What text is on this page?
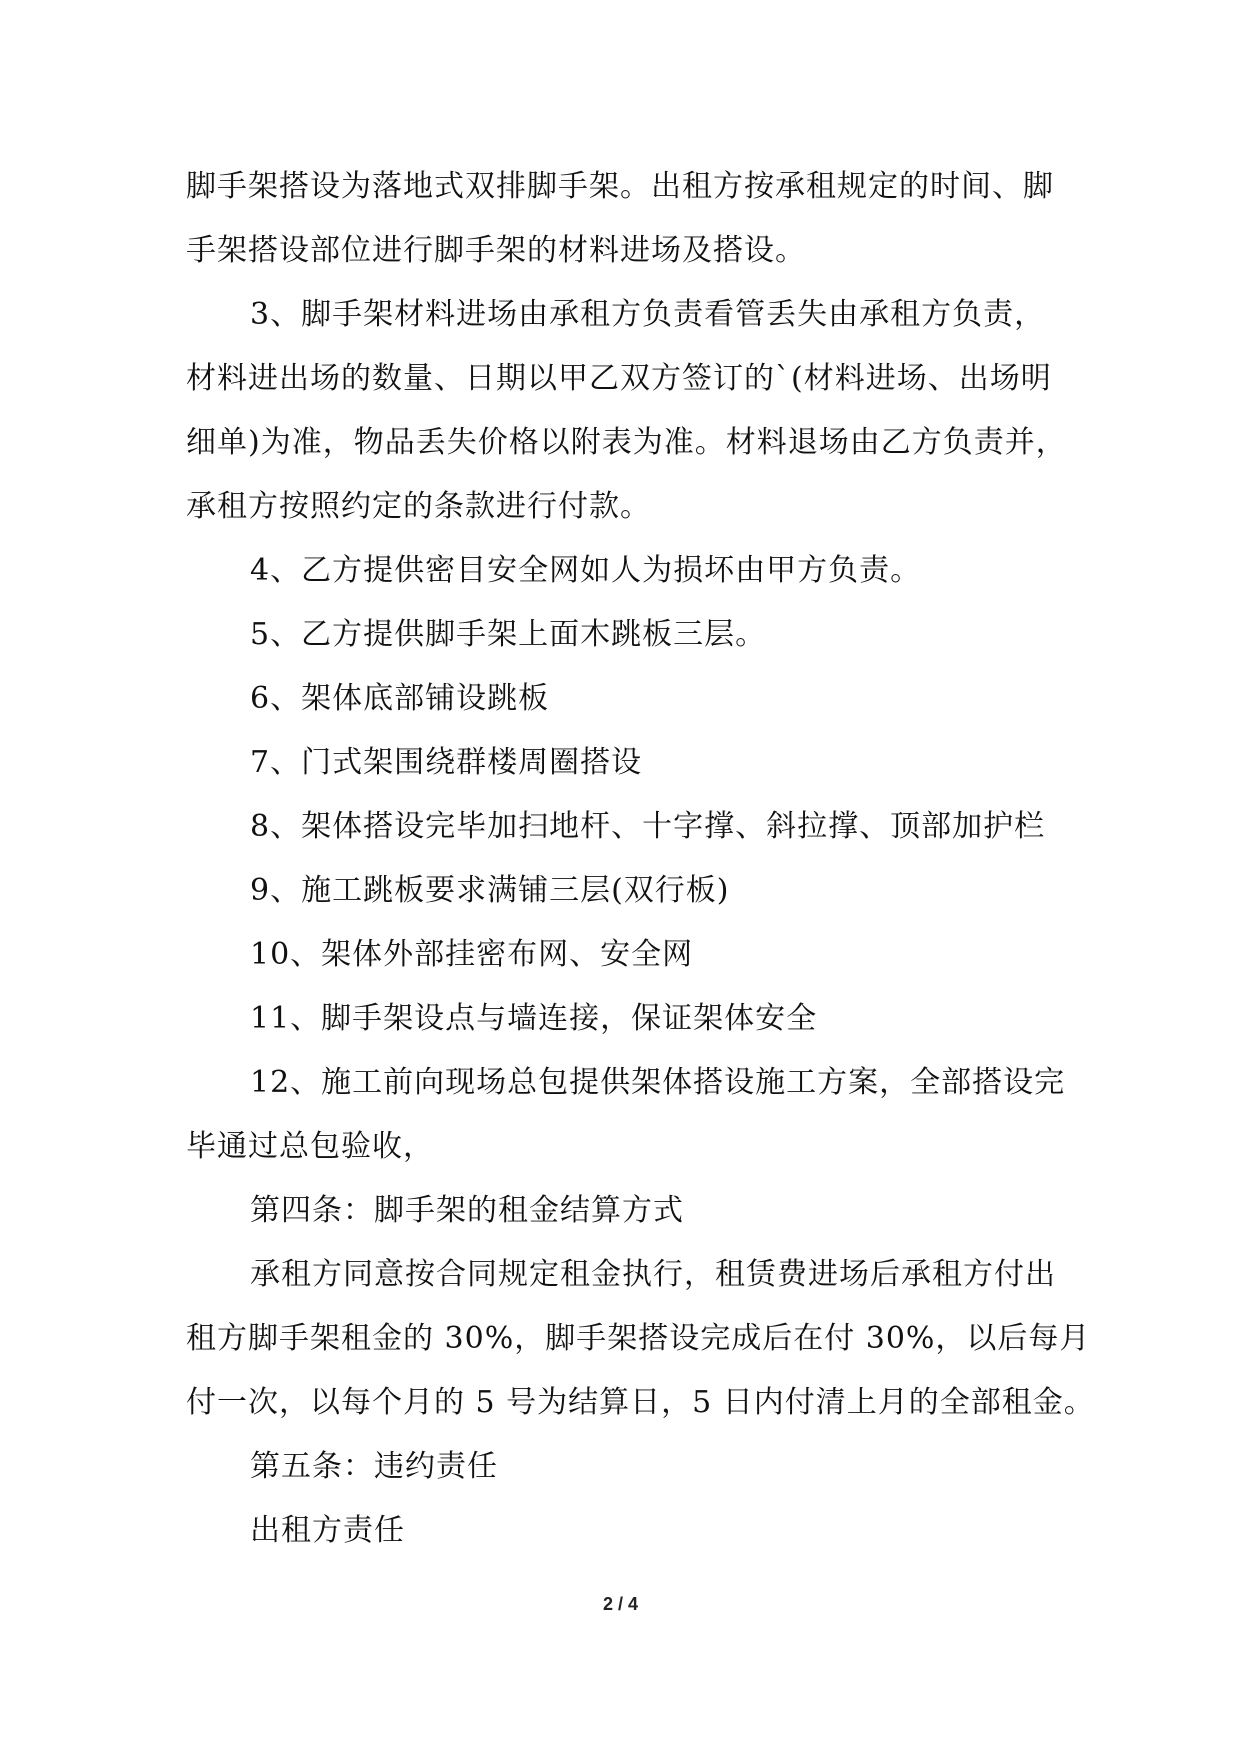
脚手架搭设为落地式双排脚手架。出租方按承租规定的时间、脚
手架搭设部位进行脚手架的材料进场及搭设。
3、脚手架材料进场由承租方负责看管丢失由承租方负责，
材料进出场的数量、日期以甲乙双方签订的`(材料进场、出场明
细单)为准，物品丢失价格以附表为准。材料退场由乙方负责并，
承租方按照约定的条款进行付款。
4、乙方提供密目安全网如人为损坏由甲方负责。
5、乙方提供脚手架上面木跳板三层。
6、架体底部铺设跳板
7、门式架围绕群楼周圈搭设
8、架体搭设完毕加扫地杆、十字撑、斜拉撑、顶部加护栏
9、施工跳板要求满铺三层(双行板)
10、架体外部挂密布网、安全网
11、脚手架设点与墙连接，保证架体安全
12、施工前向现场总包提供架体搭设施工方案，全部搭设完
毕通过总包验收，
第四条：脚手架的租金结算方式
承租方同意按合同规定租金执行，租赁费进场后承租方付出
租方脚手架租金的 30%，脚手架搭设完成后在付 30%，以后每月
付一次，以每个月的 5 号为结算日，5 日内付清上月的全部租金。
第五条：违约责任
出租方责任
2 / 4
